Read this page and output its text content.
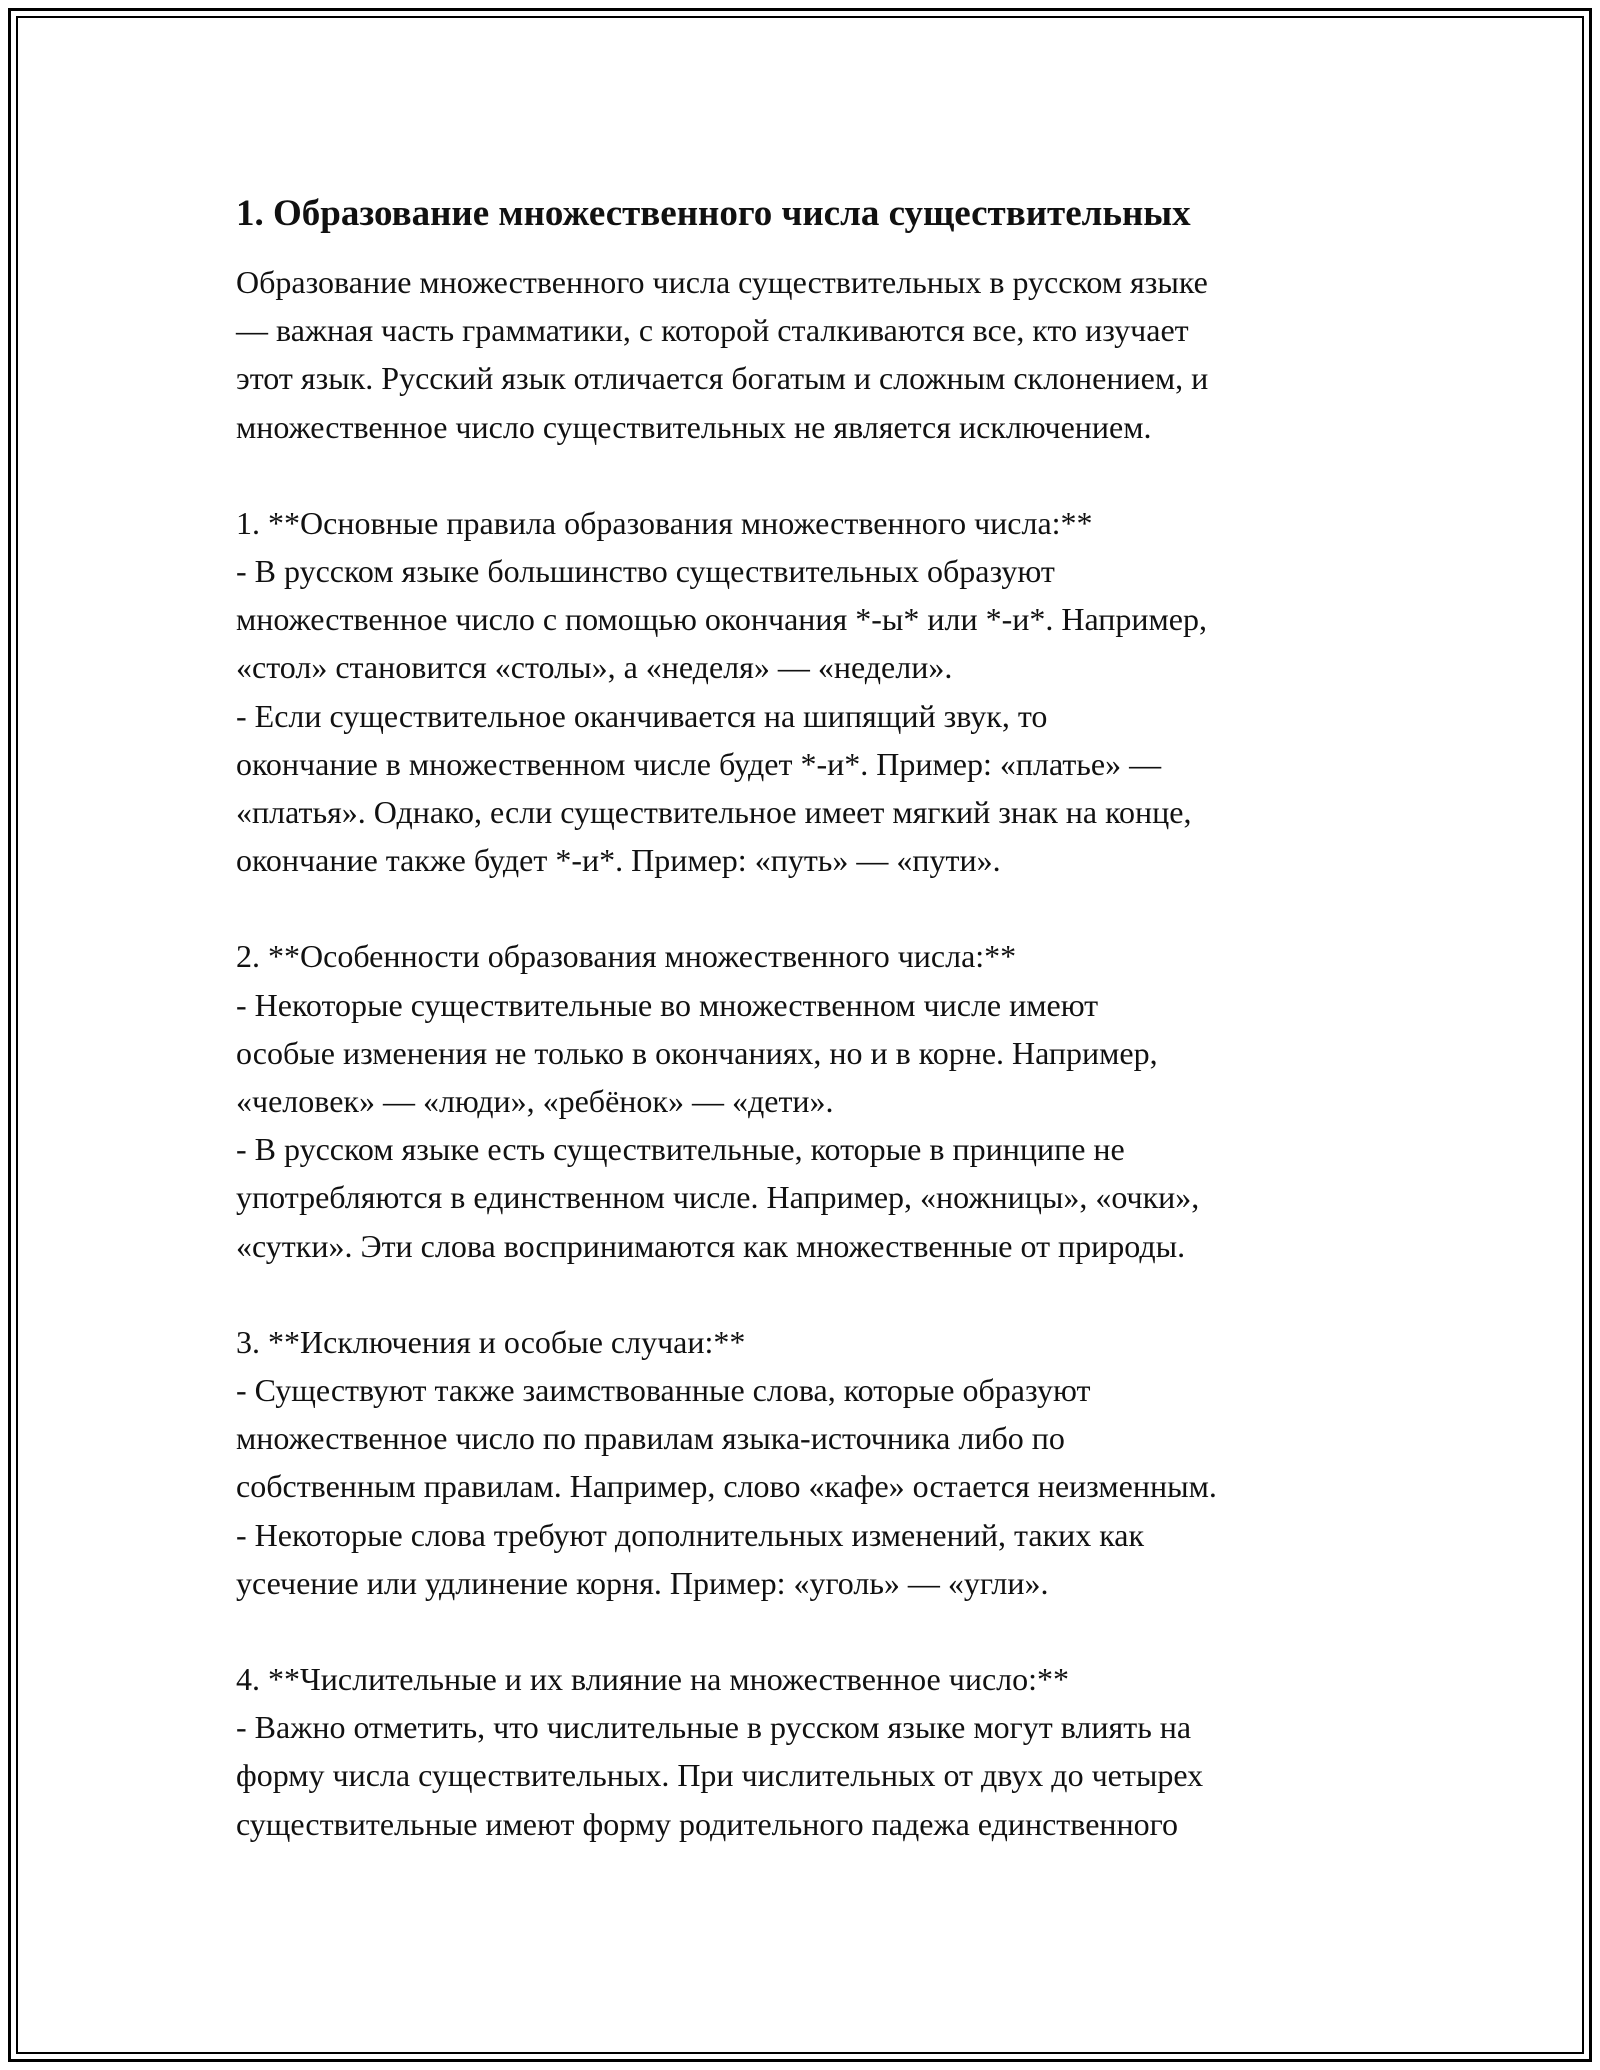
1. Образование множественного числа существительных

Образование множественного числа существительных в русском языке
— важная часть грамматики, с которой сталкиваются все, кто изучает
этот язык. Русский язык отличается богатым и сложным склонением, и
множественное число существительных не является исключением.

1. **Основные правила образования множественного числа:**

- В русском языке большинство существительных образуют
множественное число с помощью окончания *-ы* или *-и*. Например,
«стол» становится «столы», а «неделя» — «недели».

- Если существительное оканчивается на шипящий звук, то
окончание в множественном числе будет *-и*. Пример: «платье» —
«платья». Однако, если существительное имеет мягкий знак на конце,
окончание также будет *-и*. Пример: «путь» — «пути».

2. **Особенности образования множественного числа:**

- Некоторые существительные во множественном числе имеют
особые изменения не только в окончаниях, но и в корне. Например,
«человек» — «люди», «ребёнок» — «дети».

- В русском языке есть существительные, которые в принципе не
употребляются в единственном числе. Например, «ножницы», «очки»,
«сутки». Эти слова воспринимаются как множественные от природы.

3. **Исключения и особые случаи:**

- Существуют также заимствованные слова, которые образуют
множественное число по правилам языка-источника либо по
собственным правилам. Например, слово «кафе» остается неизменным.

- Некоторые слова требуют дополнительных изменений, таких как
усечение или удлинение корня. Пример: «уголь» — «угли».

4. **Числительные и их влияние на множественное число:**

- Важно отметить, что числительные в русском языке могут влиять на
форму числа существительных. При числительных от двух до четырех
существительные имеют форму родительного падежа единственного
